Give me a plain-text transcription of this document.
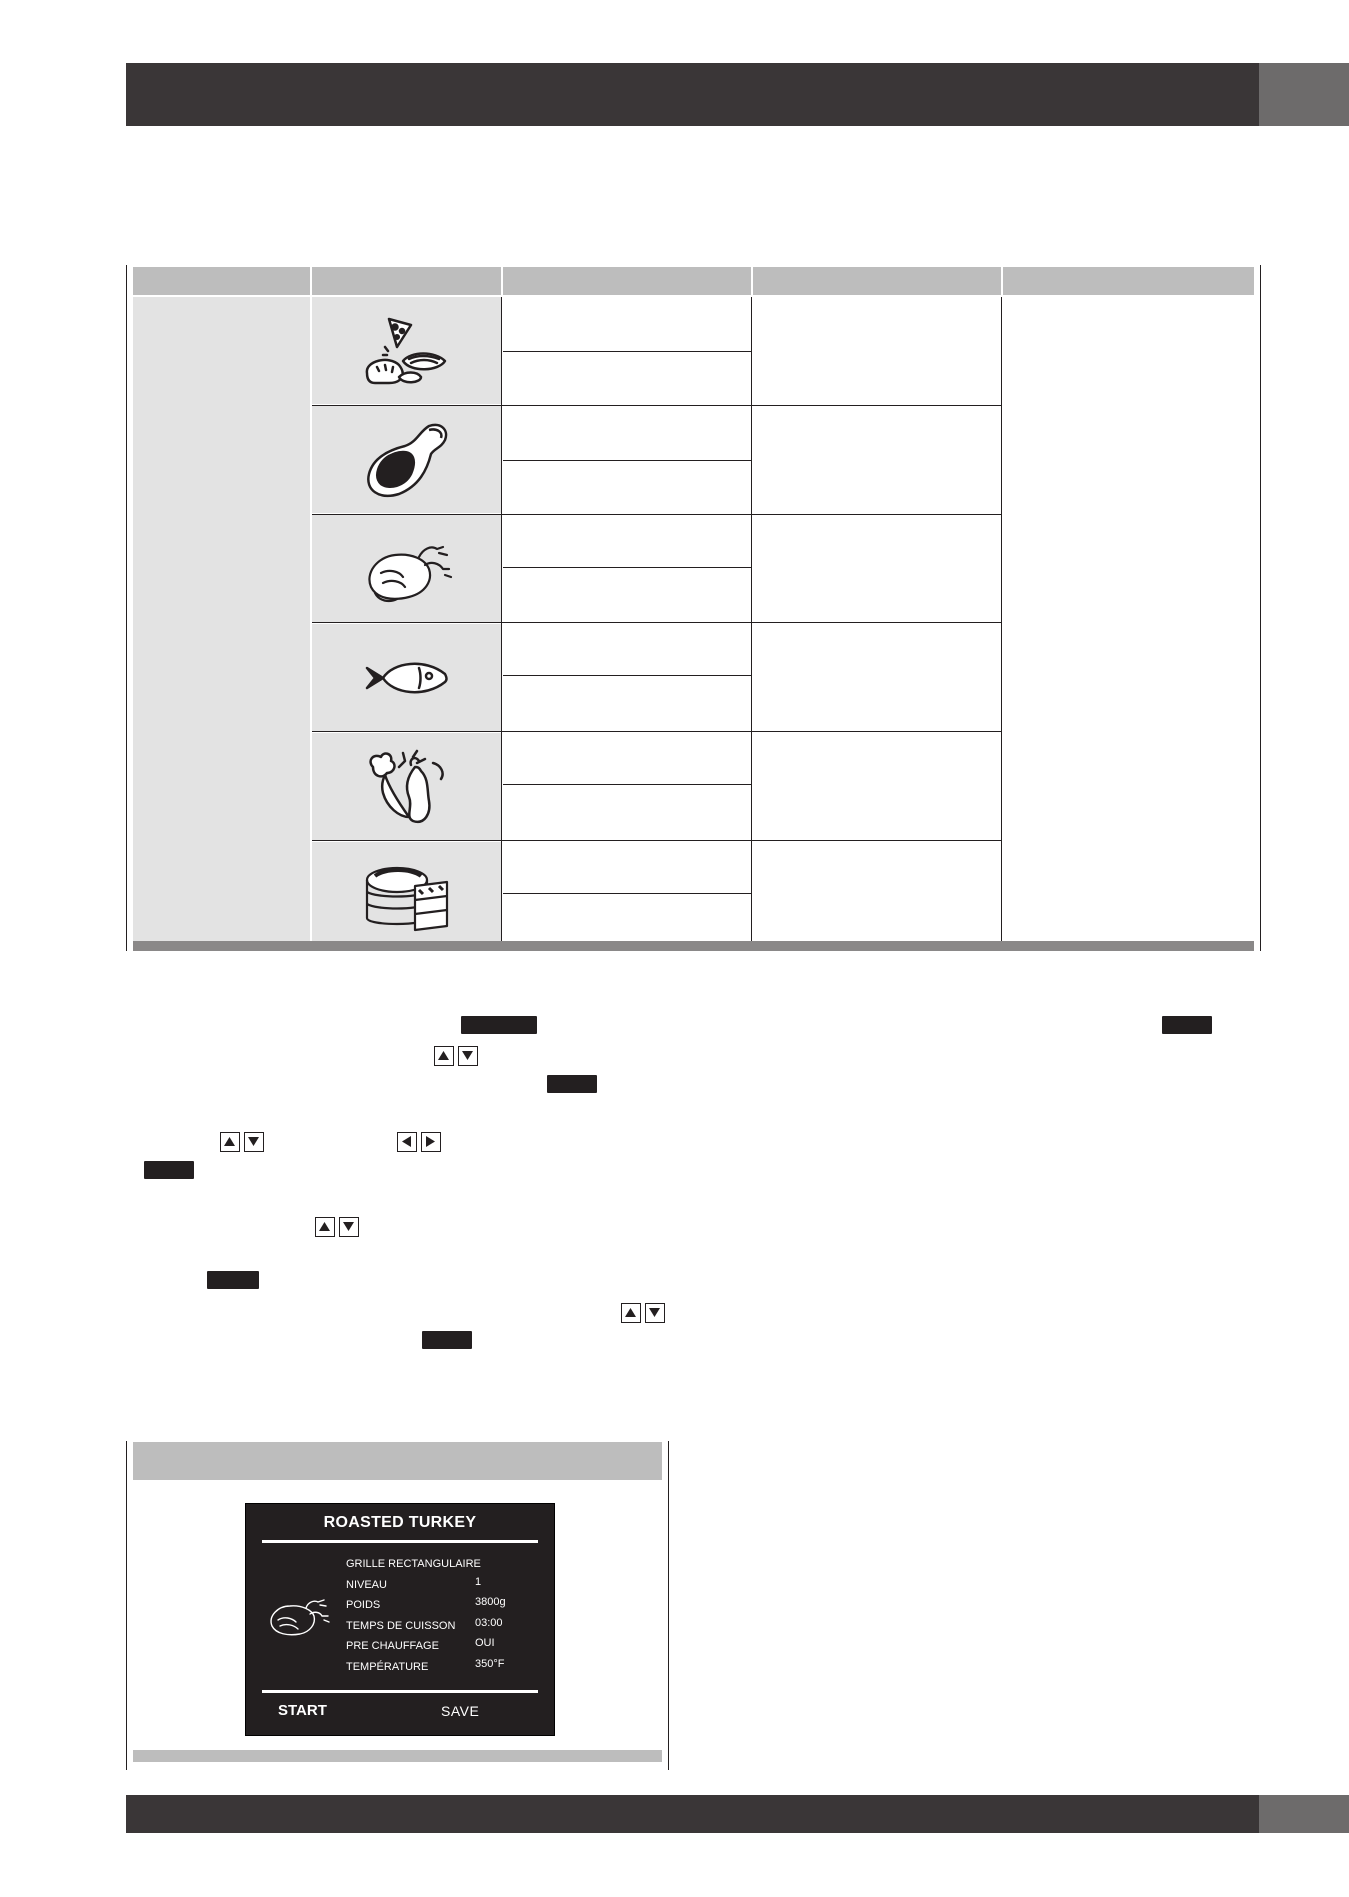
ROASTED TURKEY
GRILLE RECTANGULAIRE
NIVEAU	1
POIDS	3800g
TEMPS DE CUISSON 03:00
PRE CHAUFFAGE	OUI
TEMPÉRATURE	350°F
START	SAVE
